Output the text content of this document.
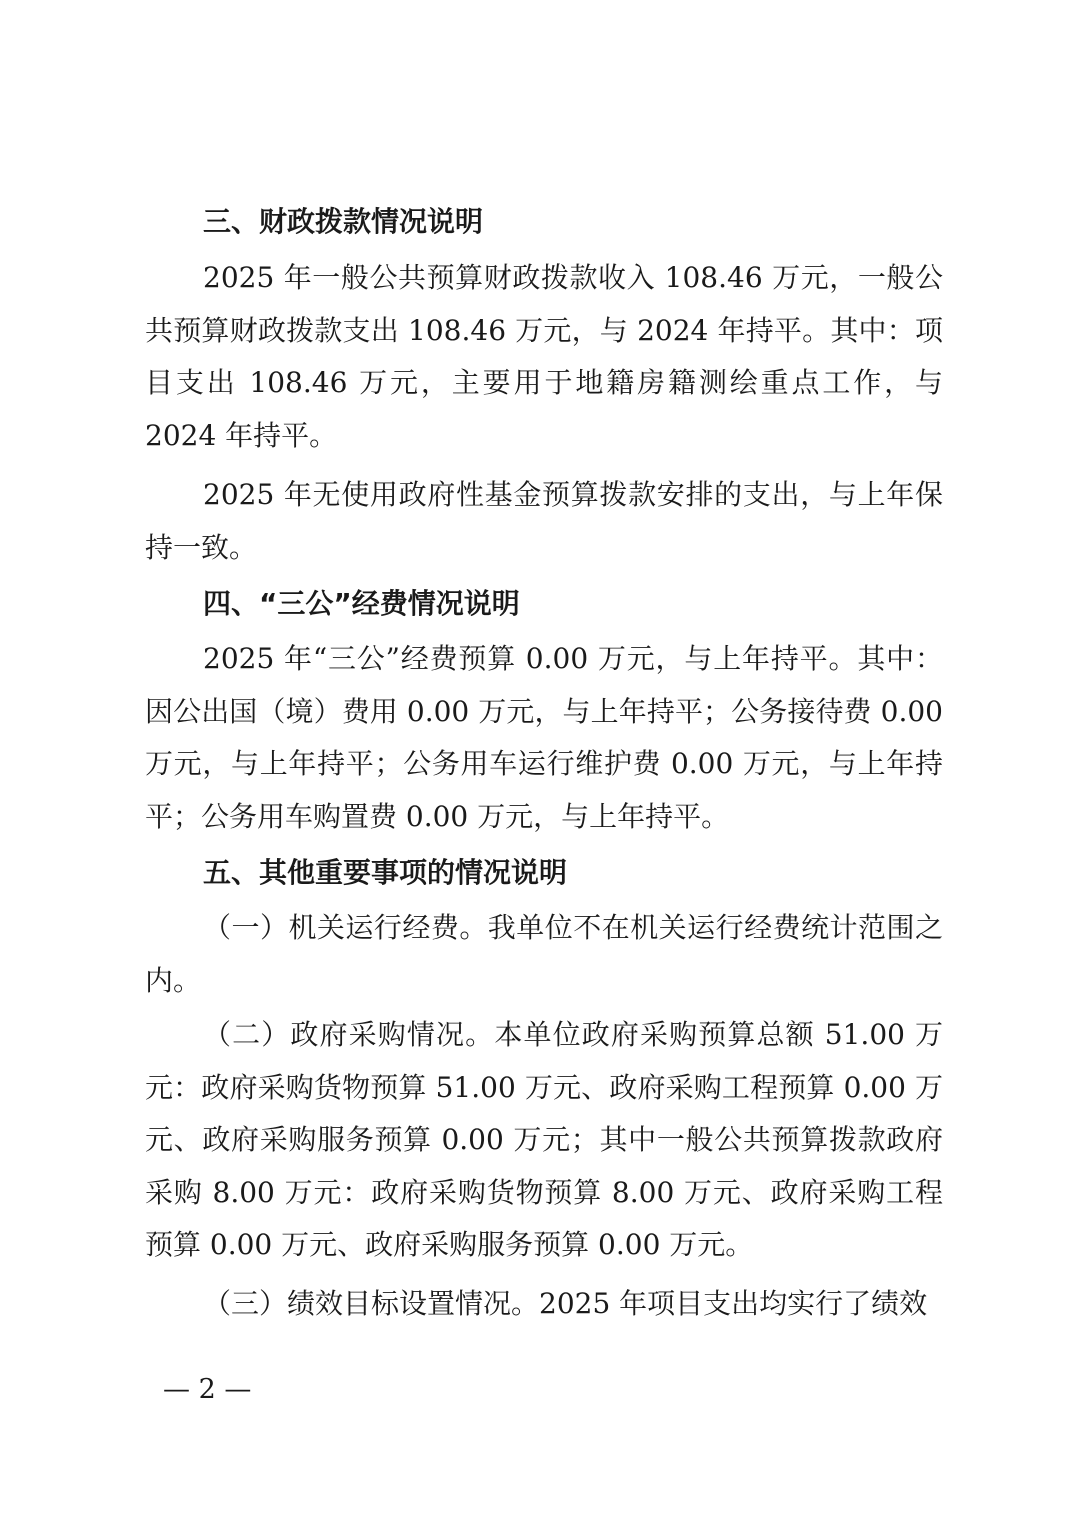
三、财政拨款情况说明
2025 年一般公共预算财政拨款收入 108.46 万元，一般公共预算财政拨款支出 108.46 万元，与 2024 年持平。其中：项目支出 108.46 万元，主要用于地籍房籍测绘重点工作，与 2024 年持平。
2025 年无使用政府性基金预算拨款安排的支出，与上年保持一致。
四、“三公”经费情况说明
2025 年“三公”经费预算 0.00 万元，与上年持平。其中：因公出国（境）费用 0.00 万元，与上年持平；公务接待费 0.00 万元，与上年持平；公务用车运行维护费 0.00 万元，与上年持平；公务用车购置费 0.00 万元，与上年持平。
五、其他重要事项的情况说明
（一）机关运行经费。我单位不在机关运行经费统计范围之内。
（二）政府采购情况。本单位政府采购预算总额 51.00 万元：政府采购货物预算 51.00 万元、政府采购工程预算 0.00 万元、政府采购服务预算 0.00 万元；其中一般公共预算拨款政府采购 8.00 万元：政府采购货物预算 8.00 万元、政府采购工程预算 0.00 万元、政府采购服务预算 0.00 万元。
（三）绩效目标设置情况。2025 年项目支出均实行了绩效
— 2 —
